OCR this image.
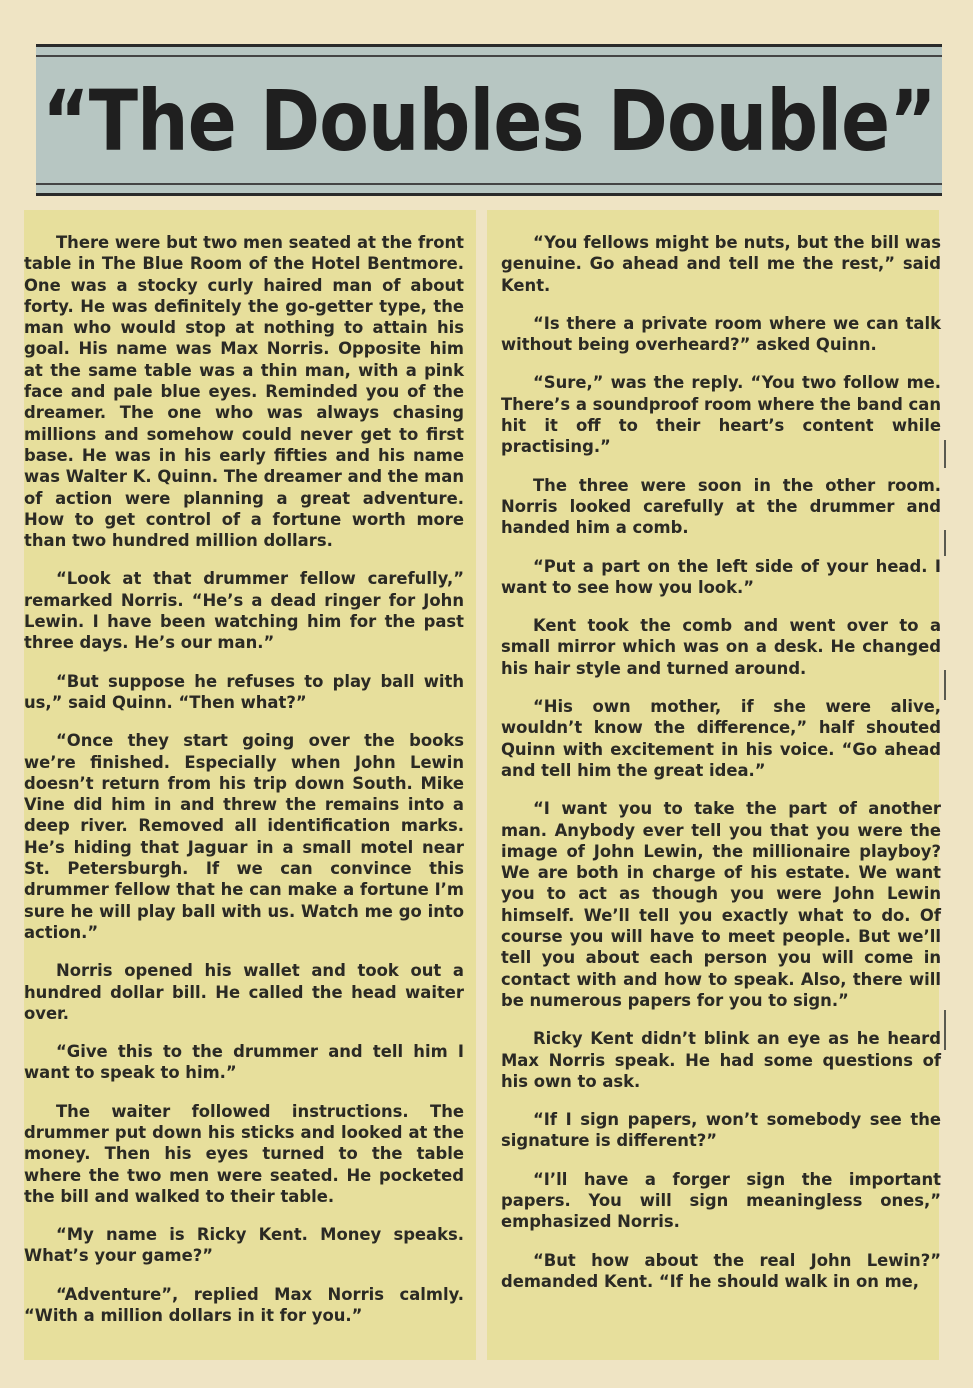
“The Doubles Double”

There were but two men seated at the front table in The Blue Room of the Hotel Bentmore. One was a stocky curly haired man of about forty. He was definitely the go-getter type, the man who would stop at nothing to attain his goal. His name was Max Norris. Opposite him at the same table was a thin man, with a pink face and pale blue eyes. Reminded you of the dreamer. The one who was always chasing millions and somehow could never get to first base. He was in his early fifties and his name was Walter K. Quinn. The dreamer and the man of action were planning a great adventure. How to get control of a fortune worth more than two hundred million dollars.

“Look at that drummer fellow carefully,” remarked Norris. “He’s a dead ringer for John Lewin. I have been watching him for the past three days. He’s our man.”

“But suppose he refuses to play ball with us,” said Quinn. “Then what?”

“Once they start going over the books we’re finished. Especially when John Lewin doesn’t return from his trip down South. Mike Vine did him in and threw the remains into a deep river. Removed all identification marks. He’s hiding that Jaguar in a small motel near St. Petersburgh. If we can convince this drummer fellow that he can make a fortune I’m sure he will play ball with us. Watch me go into action.”

Norris opened his wallet and took out a hundred dollar bill. He called the head waiter over.

“Give this to the drummer and tell him I want to speak to him.”

The waiter followed instructions. The drummer put down his sticks and looked at the money. Then his eyes turned to the table where the two men were seated. He pocketed the bill and walked to their table.

“My name is Ricky Kent. Money speaks. What’s your game?”

“Adventure”, replied Max Norris calmly. “With a million dollars in it for you.”

“You fellows might be nuts, but the bill was genuine. Go ahead and tell me the rest,” said Kent.

“Is there a private room where we can talk without being overheard?” asked Quinn.

“Sure,” was the reply. “You two follow me. There’s a soundproof room where the band can hit it off to their heart’s content while practising.”

The three were soon in the other room. Norris looked carefully at the drummer and handed him a comb.

“Put a part on the left side of your head. I want to see how you look.”

Kent took the comb and went over to a small mirror which was on a desk. He changed his hair style and turned around.

“His own mother, if she were alive, wouldn’t know the difference,” half shouted Quinn with excitement in his voice. “Go ahead and tell him the great idea.”

“I want you to take the part of another man. Anybody ever tell you that you were the image of John Lewin, the millionaire playboy? We are both in charge of his estate. We want you to act as though you were John Lewin himself. We’ll tell you exactly what to do. Of course you will have to meet people. But we’ll tell you about each person you will come in contact with and how to speak. Also, there will be numerous papers for you to sign.”

Ricky Kent didn’t blink an eye as he heard Max Norris speak. He had some questions of his own to ask.

“If I sign papers, won’t somebody see the signature is different?”

“I’ll have a forger sign the important papers. You will sign meaningless ones,” emphasized Norris.

“But how about the real John Lewin?” demanded Kent. “If he should walk in on me,
